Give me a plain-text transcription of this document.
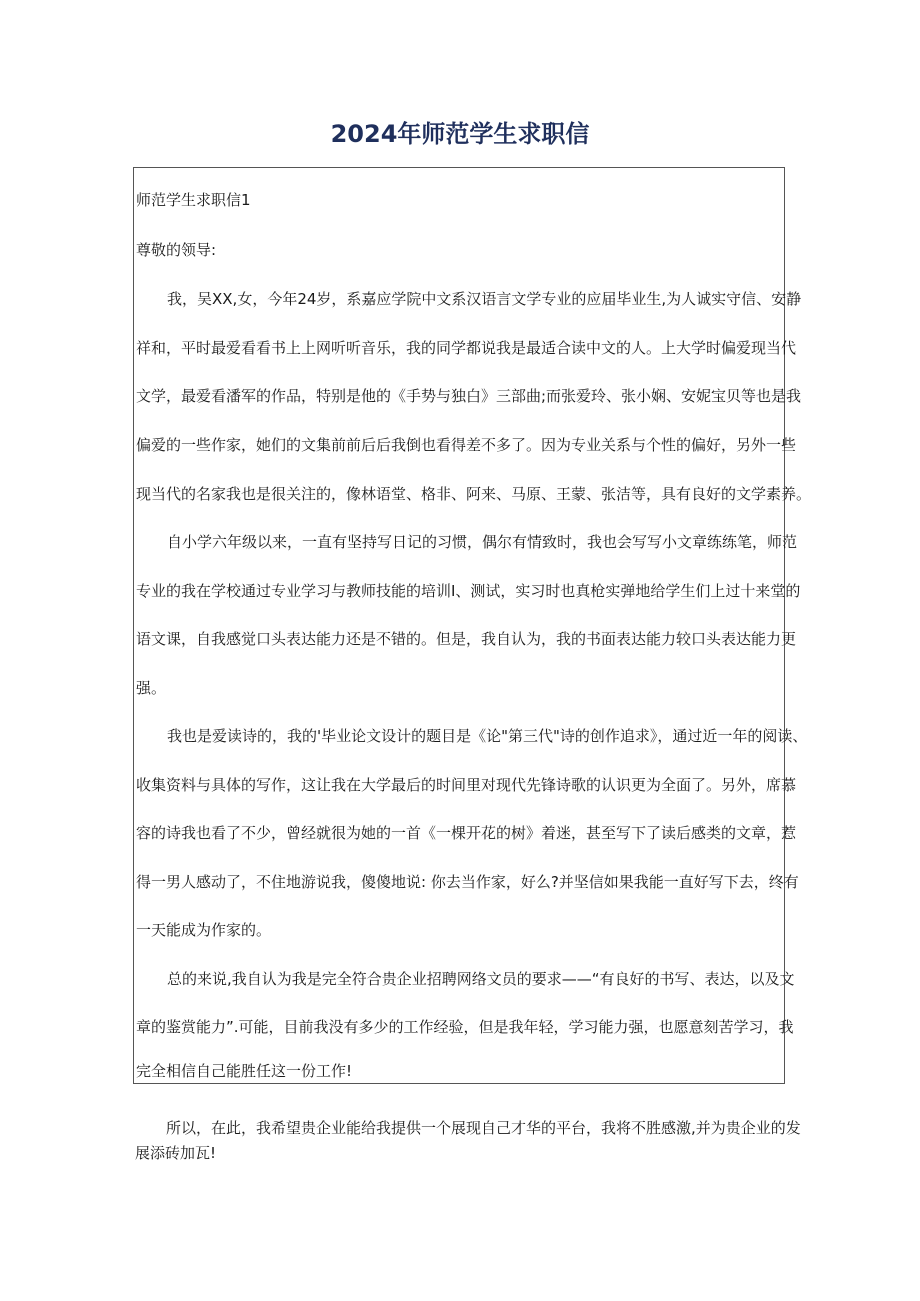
2024年师范学生求职信
师范学生求职信1
尊敬的领导:
我，吴XX,女，今年24岁，系嘉应学院中文系汉语言文学专业的应届毕业生,为人诚实守信、安静
祥和，平时最爱看看书上上网听听音乐，我的同学都说我是最适合读中文的人。上大学时偏爱现当代
文学，最爱看潘军的作品，特别是他的《手势与独白》三部曲;而张爱玲、张小娴、安妮宝贝等也是我
偏爱的一些作家，她们的文集前前后后我倒也看得差不多了。因为专业关系与个性的偏好，另外一些
现当代的名家我也是很关注的，像林语堂、格非、阿来、马原、王蒙、张洁等，具有良好的文学素养。
自小学六年级以来，一直有坚持写日记的习惯，偶尔有情致时，我也会写写小文章练练笔，师范
专业的我在学校通过专业学习与教师技能的培训I、测试，实习时也真枪实弹地给学生们上过十来堂的
语文课，自我感觉口头表达能力还是不错的。但是，我自认为，我的书面表达能力较口头表达能力更
强。
我也是爱读诗的，我的'毕业论文设计的题目是《论"第三代"诗的创作追求》，通过近一年的阅读、
收集资料与具体的写作，这让我在大学最后的时间里对现代先锋诗歌的认识更为全面了。另外，席慕
容的诗我也看了不少，曾经就很为她的一首《一棵开花的树》着迷，甚至写下了读后感类的文章，惹
得一男人感动了，不住地游说我，傻傻地说: 你去当作家，好么?并坚信如果我能一直好写下去，终有
一天能成为作家的。
总的来说,我自认为我是完全符合贵企业招聘网络文员的要求——“有良好的书写、表达，以及文
章的鉴赏能力”.可能，目前我没有多少的工作经验，但是我年轻，学习能力强，也愿意刻苦学习，我
完全相信自己能胜任这一份工作!
所以，在此，我希望贵企业能给我提供一个展现自己才华的平台，我将不胜感激,并为贵企业的发
展添砖加瓦!
